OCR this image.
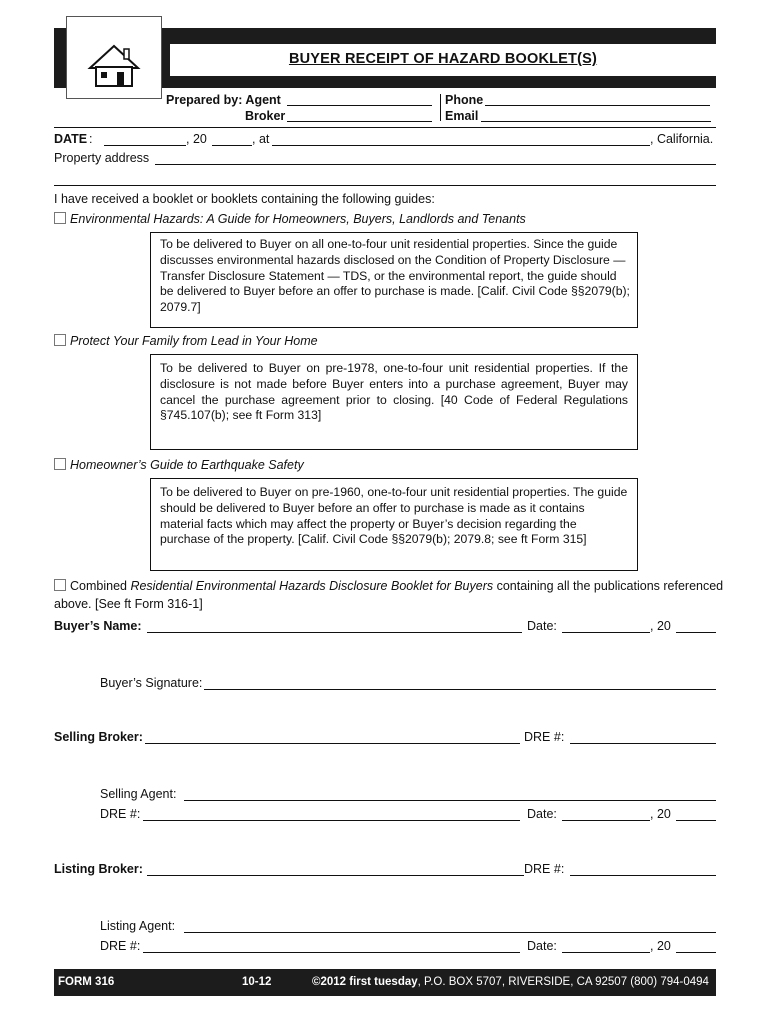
BUYER RECEIPT OF HAZARD BOOKLET(S)
Prepared by: Agent
Broker
Phone
Email
DATE :	, 20	, at	, California.
Property address
I have received a booklet or booklets containing the following guides:
Environmental Hazards: A Guide for Homeowners, Buyers, Landlords and Tenants
To be delivered to Buyer on all one-to-four unit residential properties. Since the guide discusses environmental hazards disclosed on the Condition of Property Disclosure — Transfer Disclosure Statement — TDS, or the environmental report, the guide should be delivered to Buyer before an offer to purchase is made. [Calif. Civil Code §§2079(b); 2079.7]
Protect Your Family from Lead in Your Home
To be delivered to Buyer on pre-1978, one-to-four unit residential properties. If the disclosure is not made before Buyer enters into a purchase agreement, Buyer may cancel the purchase agreement prior to closing. [40 Code of Federal Regulations §745.107(b); see ft Form 313]
Homeowner’s Guide to Earthquake Safety
To be delivered to Buyer on pre-1960, one-to-four unit residential properties. The guide should be delivered to Buyer before an offer to purchase is made as it contains material facts which may affect the property or Buyer’s decision regarding the purchase of the property. [Calif. Civil Code §§2079(b); 2079.8; see ft Form 315]
Combined Residential Environmental Hazards Disclosure Booklet for Buyers containing all the publications referenced
above. [See ft Form 316-1]
Buyer’s Name:	Date:	, 20
Buyer’s Signature:
Selling Broker:	DRE #:
Selling Agent:
DRE #:	Date:	, 20
Listing Broker:	DRE #:
Listing Agent:
DRE #:	Date:	, 20
FORM 316	10-12	©2012 first tuesday, P.O. BOX 5707, RIVERSIDE, CA 92507 (800) 794-0494
